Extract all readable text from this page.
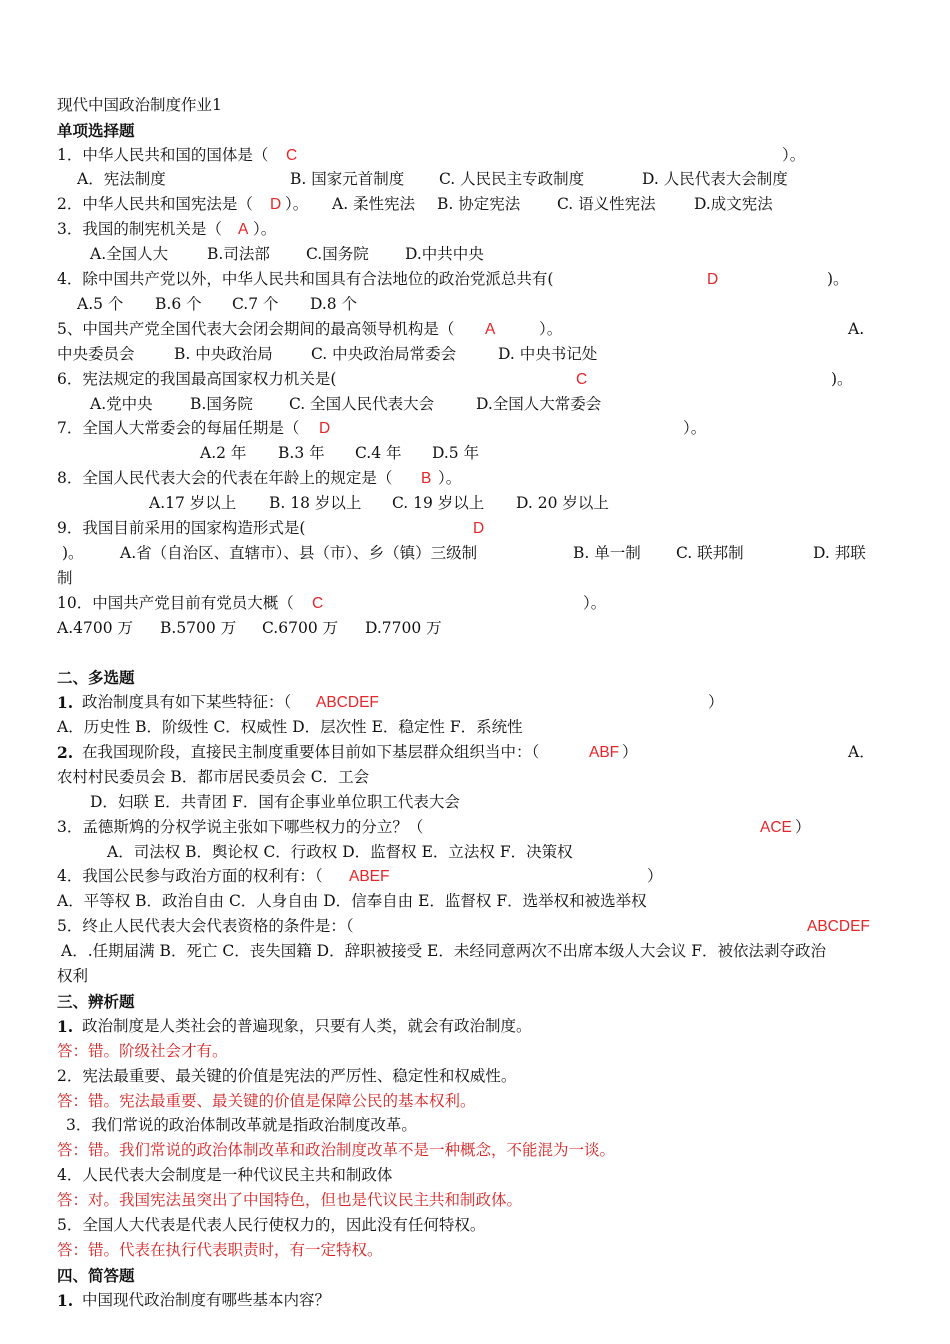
现代中国政治制度作业1
单项选择题
1．中华人民共和国的国体是（ C	）。
A．宪法制度	B. 国家元首制度 C. 人民民主专政制度	D. 人民代表大会制度
2．中华人民共和国宪法是（ D ）。 A. 柔性宪法 B. 协定宪法 C. 语义性宪法 D.成文宪法
3．我国的制宪机关是（ A ）。
A.全国人大	B.司法部 C.国务院 D.中共中央
4．除中国共产党以外，中华人民共和国具有合法地位的政治党派总共有(	D	)。
A.5 个 B.6 个 C.7 个 D.8 个
5、中国共产党全国代表大会闭会期间的最高领导机构是（ A	）。	A.
中央委员会	B. 中央政治局 C. 中央政治局常委会	D. 中央书记处
6．宪法规定的我国最高国家权力机关是(	C	)。
A.党中央 B.国务院 C. 全国人民代表大会	D.全国人大常委会
7．全国人大常委会的每届任期是（ D	）。
A.2 年 B.3 年 C.4 年 D.5 年
8．全国人民代表大会的代表在年龄上的规定是（ B ）。
A.17 岁以上 B. 18 岁以上 C. 19 岁以上 D. 20 岁以上
9．我国目前采用的国家构造形式是(	D
)。 A.省（自治区、直辖市）、县（市）、乡（镇）三级制	B. 单一制 C. 联邦制	D. 邦联
制
10．中国共产党目前有党员大概（ C	）。
A.4700 万 B.5700 万 C.6700 万 D.7700 万
二、多选题
1. 政治制度具有如下某些特征：（ ABCDEF	）
A．历史性 B．阶级性 C．权威性 D．层次性 E．稳定性 F．系统性
2. 在我国现阶段，直接民主制度重要体目前如下基层群众组织当中：（	ABF ）	A．
农村村民委员会 B．都市居民委员会 C．工会
D．妇联 E．共青团 F．国有企事业单位职工代表大会
3．孟德斯鸩的分权学说主张如下哪些权力的分立？（	ACE ）
A．司法权 B．舆论权 C．行政权 D．监督权 E．立法权 F．决策权
4．我国公民参与政治方面的权利有：（ ABEF	）
A．平等权 B．政治自由 C．人身自由 D．信奉自由 E．监督权 F．选举权和被选举权
5．终止人民代表大会代表资格的条件是：（	ABCDEF
A．.任期届满 B．死亡 C．丧失国籍 D．辞职被接受 E．未经同意两次不出席本级人大会议 F．被依法剥夺政治
权利
三、辨析题
1. 政治制度是人类社会的普遍现象，只要有人类，就会有政治制度。
答：错。阶级社会才有。
2．宪法最重要、最关键的价值是宪法的严厉性、稳定性和权威性。
答：错。宪法最重要、最关键的价值是保障公民的基本权利。
3．我们常说的政治体制改革就是指政治制度改革。
答：错。我们常说的政治体制改革和政治制度改革不是一种概念，不能混为一谈。
4．人民代表大会制度是一种代议民主共和制政体
答：对。我国宪法虽突出了中国特色，但也是代议民主共和制政体。
5．全国人大代表是代表人民行使权力的，因此没有任何特权。
答：错。代表在执行代表职责时，有一定特权。
四、简答题
1. 中国现代政治制度有哪些基本内容？
